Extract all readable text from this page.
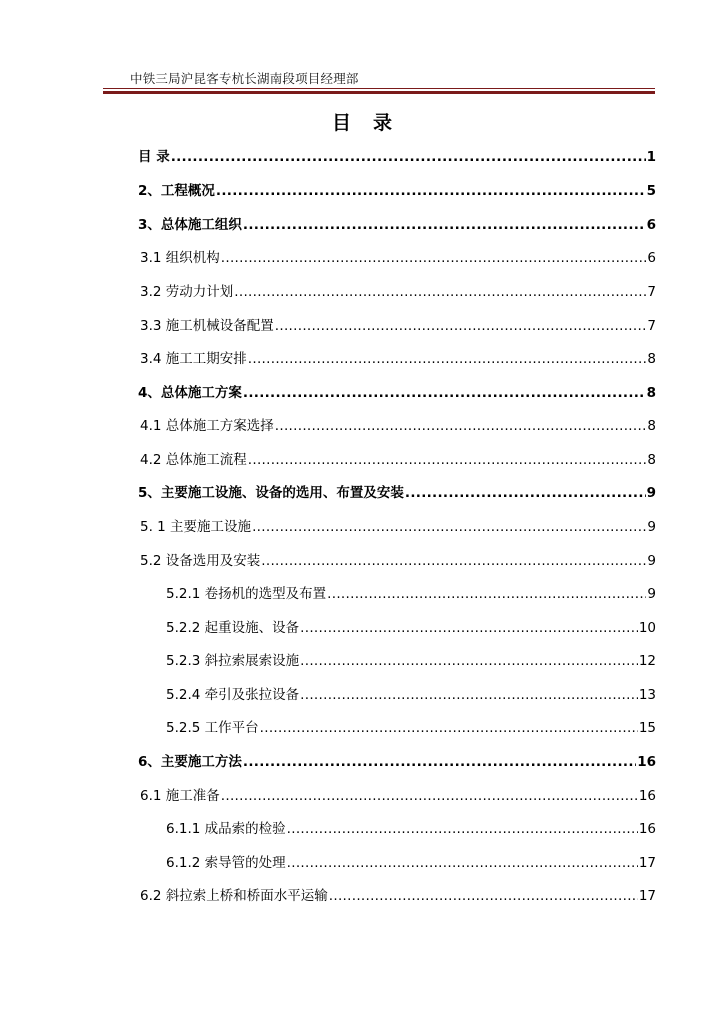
中铁三局沪昆客专杭长湖南段项目经理部
目 录
目 录 .....	1
2、工程概况 .....	5
3、总体施工组织 .....	6
3.1 组织机构 .....	6
3.2 劳动力计划 .....	7
3.3 施工机械设备配置 .....	7
3.4 施工工期安排 .....	8
4、总体施工方案 .....	8
4.1 总体施工方案选择 .....	8
4.2 总体施工流程 .....	8
5、主要施工设施、设备的选用、布置及安装 .....	9
5. 1 主要施工设施 .....	9
5.2 设备选用及安装 .....	9
5.2.1 卷扬机的选型及布置 .....	9
5.2.2 起重设施、设备 .....	10
5.2.3 斜拉索展索设施 .....	12
5.2.4 牵引及张拉设备 .....	13
5.2.5 工作平台 .....	15
6、主要施工方法 .....	16
6.1 施工准备 .....	16
6.1.1 成品索的检验 .....	16
6.1.2 索导管的处理 .....	17
6.2 斜拉索上桥和桥面水平运输 .....	17
